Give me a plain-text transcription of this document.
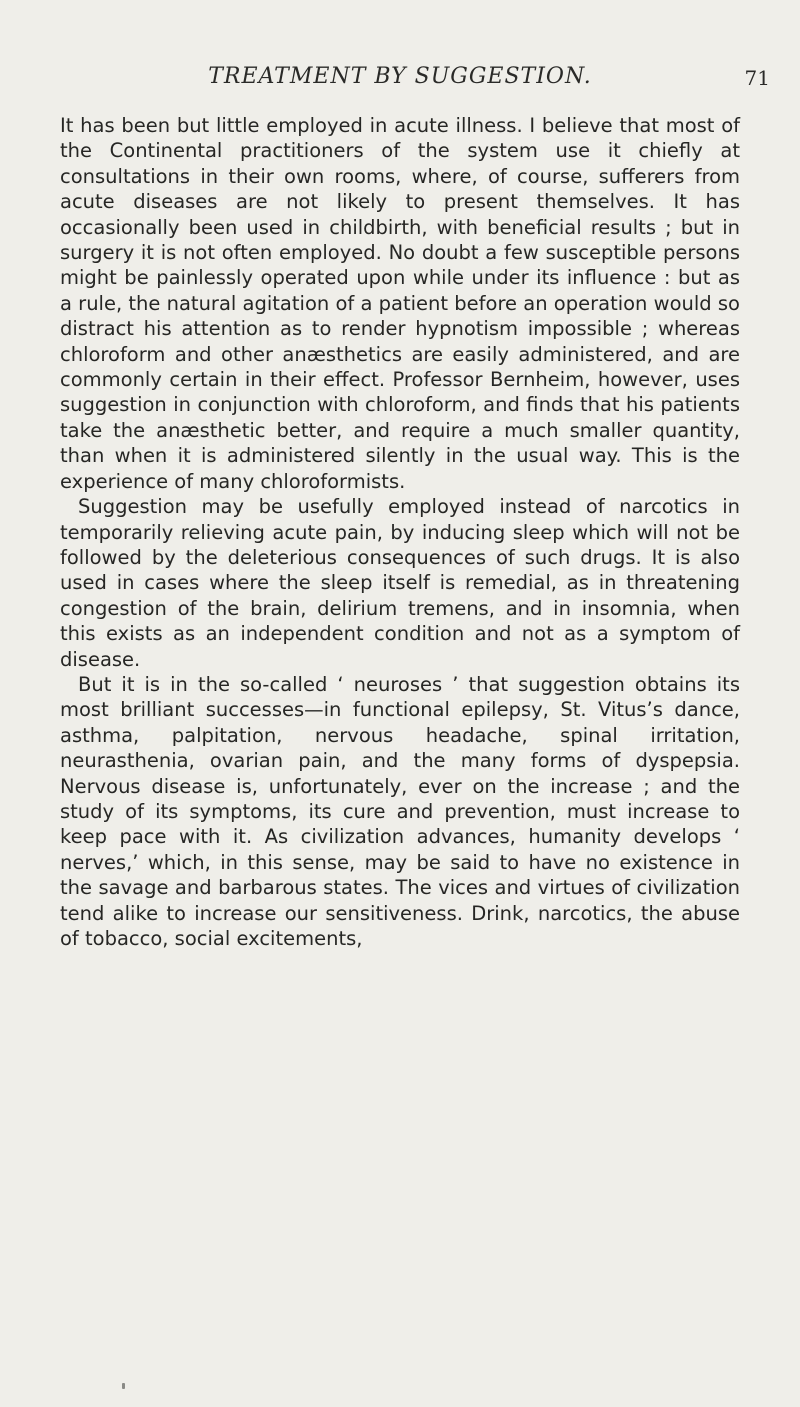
TREATMENT BY SUGGESTION.	71

It has been but little employed in acute illness. I believe that most of the Continental practitioners of the system use it chiefly at consultations in their own rooms, where, of course, sufferers from acute diseases are not likely to present themselves. It has occasionally been used in childbirth, with beneficial results ; but in surgery it is not often employed. No doubt a few susceptible persons might be painlessly operated upon while under its influence : but as a rule, the natural agitation of a patient before an operation would so distract his attention as to render hypnotism impossible ; whereas chloroform and other anæsthetics are easily administered, and are commonly certain in their effect. Professor Bernheim, however, uses suggestion in conjunction with chloroform, and finds that his patients take the anæsthetic better, and require a much smaller quantity, than when it is administered silently in the usual way. This is the experience of many chloroformists.

Suggestion may be usefully employed instead of narcotics in temporarily relieving acute pain, by inducing sleep which will not be followed by the deleterious consequences of such drugs. It is also used in cases where the sleep itself is remedial, as in threatening congestion of the brain, delirium tremens, and in insomnia, when this exists as an independent condition and not as a symptom of disease.

But it is in the so-called ‘ neuroses ’ that suggestion obtains its most brilliant successes—in functional epilepsy, St. Vitus’s dance, asthma, palpitation, nervous headache, spinal irritation, neurasthenia, ovarian pain, and the many forms of dyspepsia. Nervous disease is, unfortunately, ever on the increase ; and the study of its symptoms, its cure and prevention, must increase to keep pace with it. As civilization advances, humanity develops ‘ nerves,’ which, in this sense, may be said to have no existence in the savage and barbarous states. The vices and virtues of civilization tend alike to increase our sensitiveness. Drink, narcotics, the abuse of tobacco, social excitements,
